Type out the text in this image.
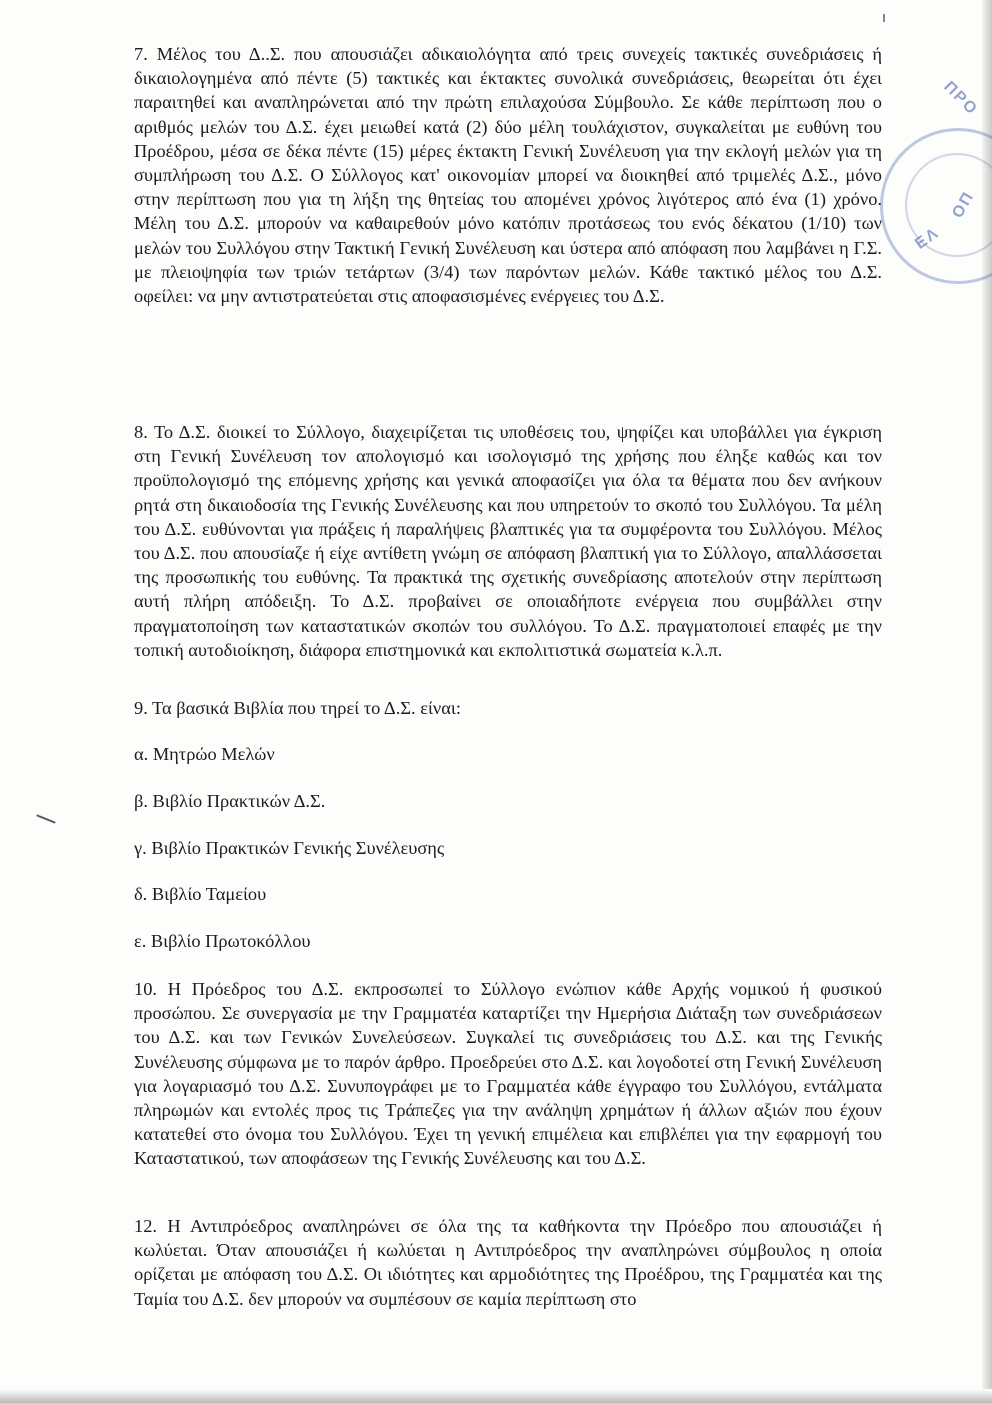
ΕΛ
ΟΠ
ΠΡΟ

7. Μέλος του Δ..Σ. που απουσιάζει αδικαιολόγητα από τρεις συνεχείς τακτικές συνεδριάσεις ή δικαιολογημένα από πέντε (5) τακτικές και έκτακτες συνολικά συνεδριάσεις, θεωρείται ότι έχει παραιτηθεί και αναπληρώνεται από την πρώτη επιλαχούσα Σύμβουλο. Σε κάθε περίπτωση που ο αριθμός μελών του Δ.Σ. έχει μειωθεί κατά (2) δύο μέλη τουλάχιστον, συγκαλείται με ευθύνη του Προέδρου, μέσα σε δέκα πέντε (15) μέρες έκτακτη Γενική Συνέλευση για την εκλογή μελών για τη συμπλήρωση του Δ.Σ. Ο Σύλλογος κατ' οικονομίαν μπορεί να διοικηθεί από τριμελές Δ.Σ., μόνο στην περίπτωση που για τη λήξη της θητείας του απομένει χρόνος λιγότερος από ένα (1) χρόνο. Μέλη του Δ.Σ. μπορούν να καθαιρεθούν μόνο κατόπιν προτάσεως του ενός δέκατου (1/10) των μελών του Συλλόγου στην Τακτική Γενική Συνέλευση και ύστερα από απόφαση που λαμβάνει η Γ.Σ. με πλειοψηφία των τριών τετάρτων (3/4) των παρόντων μελών. Κάθε τακτικό μέλος του Δ.Σ. οφείλει: να μην αντιστρατεύεται στις αποφασισμένες ενέργειες του Δ.Σ.

8. Το Δ.Σ. διοικεί το Σύλλογο, διαχειρίζεται τις υποθέσεις του, ψηφίζει και υποβάλλει για έγκριση στη Γενική Συνέλευση τον απολογισμό και ισολογισμό της χρήσης που έληξε καθώς και τον προϋπολογισμό της επόμενης χρήσης και γενικά αποφασίζει για όλα τα θέματα που δεν ανήκουν ρητά στη δικαιοδοσία της Γενικής Συνέλευσης και που υπηρετούν το σκοπό του Συλλόγου. Τα μέλη του Δ.Σ. ευθύνονται για πράξεις ή παραλήψεις βλαπτικές για τα συμφέροντα του Συλλόγου. Μέλος του Δ.Σ. που απουσίαζε ή είχε αντίθετη γνώμη σε απόφαση βλαπτική για το Σύλλογο, απαλλάσσεται της προσωπικής του ευθύνης. Τα πρακτικά της σχετικής συνεδρίασης αποτελούν στην περίπτωση αυτή πλήρη απόδειξη. Το Δ.Σ. προβαίνει σε οποιαδήποτε ενέργεια που συμβάλλει στην πραγματοποίηση των καταστατικών σκοπών του συλλόγου. Το Δ.Σ. πραγματοποιεί επαφές με την τοπική αυτοδιοίκηση, διάφορα επιστημονικά και εκπολιτιστικά σωματεία κ.λ.π.

9. Τα βασικά Βιβλία που τηρεί το Δ.Σ. είναι:

α. Μητρώο Μελών

β. Βιβλίο Πρακτικών Δ.Σ.

γ. Βιβλίο Πρακτικών Γενικής Συνέλευσης

δ. Βιβλίο Ταμείου

ε. Βιβλίο Πρωτοκόλλου

10. Η Πρόεδρος του Δ.Σ. εκπροσωπεί το Σύλλογο ενώπιον κάθε Αρχής νομικού ή φυσικού προσώπου. Σε συνεργασία με την Γραμματέα καταρτίζει την Ημερήσια Διάταξη των συνεδριάσεων του Δ.Σ. και των Γενικών Συνελεύσεων. Συγκαλεί τις συνεδριάσεις του Δ.Σ. και της Γενικής Συνέλευσης σύμφωνα με το παρόν άρθρο. Προεδρεύει στο Δ.Σ. και λογοδοτεί στη Γενική Συνέλευση για λογαριασμό του Δ.Σ. Συνυπογράφει με το Γραμματέα κάθε έγγραφο του Συλλόγου, εντάλματα πληρωμών και εντολές προς τις Τράπεζες για την ανάληψη χρημάτων ή άλλων αξιών που έχουν κατατεθεί στο όνομα του Συλλόγου. Έχει τη γενική επιμέλεια και επιβλέπει για την εφαρμογή του Καταστατικού, των αποφάσεων της Γενικής Συνέλευσης και του Δ.Σ.

12. Η Αντιπρόεδρος αναπληρώνει σε όλα της τα καθήκοντα την Πρόεδρο που απουσιάζει ή κωλύεται. Όταν απουσιάζει ή κωλύεται η Αντιπρόεδρος την αναπληρώνει σύμβουλος η οποία ορίζεται με απόφαση του Δ.Σ. Οι ιδιότητες και αρμοδιότητες της Προέδρου, της Γραμματέα και της Ταμία του Δ.Σ. δεν μπορούν να συμπέσουν σε καμία περίπτωση στο
